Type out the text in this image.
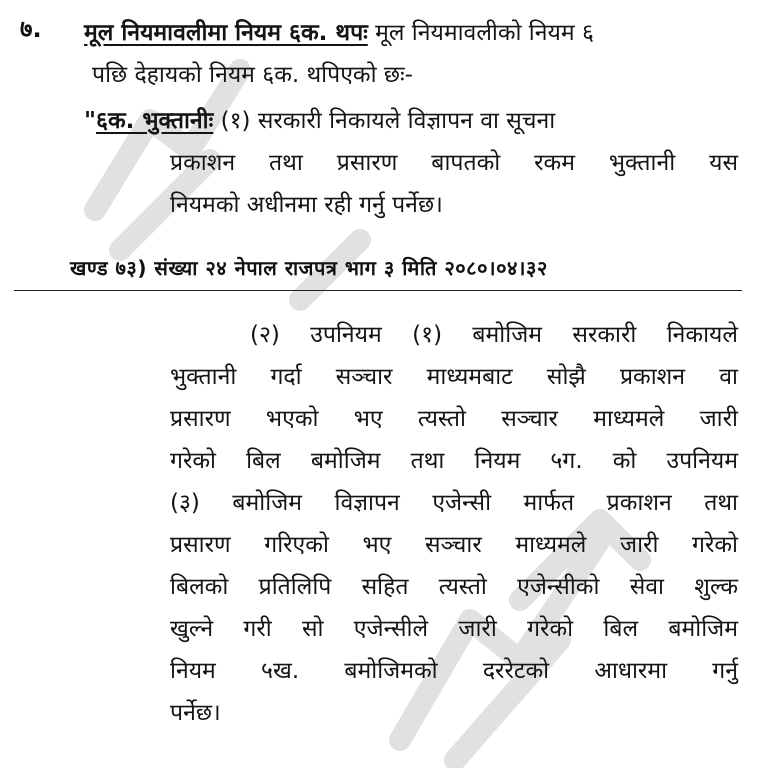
७. मूल नियमावलीमा नियम ६क. थप मूल नियमावलीको नियम ६
पछि देहायको नियम ६क. थपिएको छः-
"६क. भुक्तानीः (१) सरकारी निकायले विज्ञापन वा सूचना
प्रकाशन तथा प्रसारण बापतको रकम भुक्तानी यस
नियमको अधीनमा रही गर्नु पर्नेछ।
खण्ड ७३) संख्या २४ नेपाल राजपत्र भाग ३ मिति २०८०।०४।३२
(२) उपनियम (१) बमोजिम सरकारी निकायले
भुक्तानी गर्दा सञ्चार माध्यमबाट सोझै प्रकाशन वा
प्रसारण भएको भए त्यस्तो सञ्चार माध्यमले जारी
गरेको बिल बमोजिम तथा नियम ५ग. को उपनियम
(३) बमोजिम विज्ञापन एजेन्सी मार्फत प्रकाशन तथा
प्रसारण गरिएको भए सञ्चार माध्यमले जारी गरेको
बिलको प्रतिलिपि सहित त्यस्तो एजेन्सीको सेवा शुल्क
खुल्ने गरी सो एजेन्सीले जारी गरेको बिल बमोजिम
नियम ५ख. बमोजिमको दररेटको आधारमा गर्नु
पर्नेछ।
